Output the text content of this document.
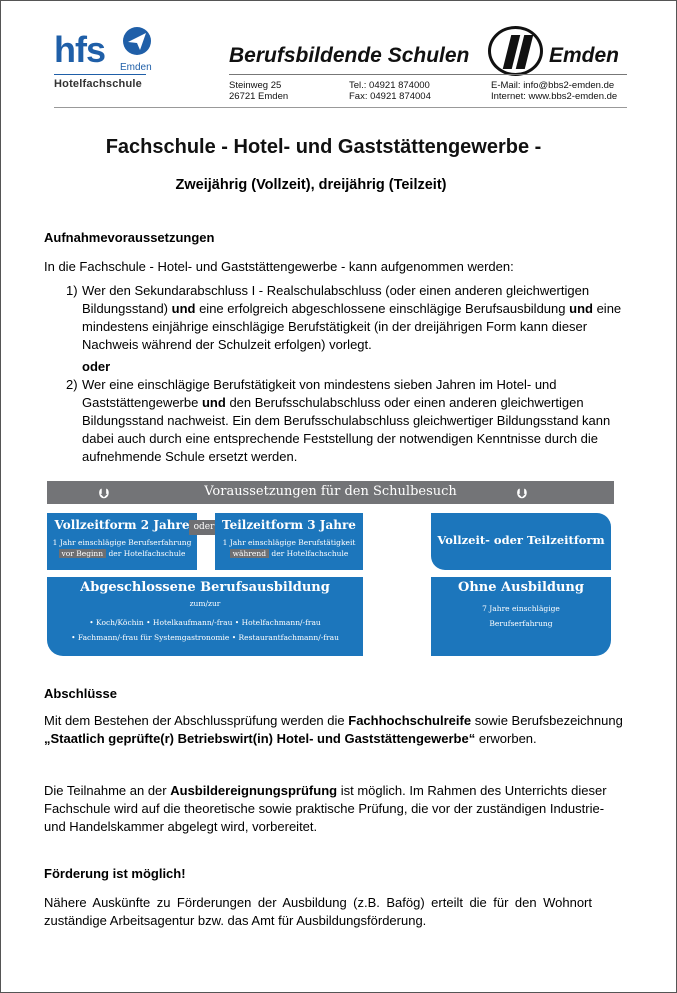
hfs Emden
Hotelfachschule
Berufsbildende Schulen	Emden
Steinweg 25
26721 Emden
Tel.: 04921 874000
Fax: 04921 874004
E-Mail: info@bbs2-emden.de
Internet: www.bbs2-emden.de
Fachschule - Hotel- und Gaststättengewerbe -
Zweijährig (Vollzeit), dreijährig (Teilzeit)
Aufnahmevoraussetzungen
In die Fachschule - Hotel- und Gaststättengewerbe - kann aufgenommen werden:
1) Wer den Sekundarabschluss I - Realschulabschluss (oder einen anderen gleichwertigen Bildungsstand) und eine erfolgreich abgeschlossene einschlägige Berufsausbildung und eine mindestens einjährige einschlägige Berufstätigkeit (in der dreijährigen Form kann dieser Nachweis während der Schulzeit erfolgen) vorlegt.
oder
2) Wer eine einschlägige Berufstätigkeit von mindestens sieben Jahren im Hotel- und Gaststättengewerbe und den Berufsschulabschluss oder einen anderen gleichwertigen Bildungsstand nachweist. Ein dem Berufsschulabschluss gleichwertiger Bildungsstand kann dabei auch durch eine entsprechende Feststellung der notwendigen Kenntnisse durch die aufnehmende Schule ersetzt werden.
⮋	Voraussetzungen für den Schulbesuch	⮋
Vollzeitform 2 Jahre
1 Jahr einschlägige Berufserfahrung
vor Beginn der Hotelfachschule
oder Teilzeitform 3 Jahre
1 Jahr einschlägige Berufstätigkeit
während der Hotelfachschule
Vollzeit- oder Teilzeitform
Abgeschlossene Berufsausbildung
zum/zur
• Koch/Köchin • Hotelkaufmann/-frau • Hotelfachmann/-frau
• Fachmann/-frau für Systemgastronomie • Restaurantfachmann/-frau
Ohne Ausbildung
7 Jahre einschlägige
Berufserfahrung
Abschlüsse
Mit dem Bestehen der Abschlussprüfung werden die Fachhochschulreife sowie Berufsbezeichnung „Staatlich geprüfte(r) Betriebswirt(in) Hotel- und Gaststättengewerbe“ erworben.
Die Teilnahme an der Ausbildereignungsprüfung ist möglich. Im Rahmen des Unterrichts dieser Fachschule wird auf die theoretische sowie praktische Prüfung, die vor der zuständigen Industrie- und Handelskammer abgelegt wird, vorbereitet.
Förderung ist möglich!
Nähere Auskünfte zu Förderungen der Ausbildung (z.B. Bafög) erteilt die für den Wohnort zuständige Arbeitsagentur bzw. das Amt für Ausbildungsförderung.
